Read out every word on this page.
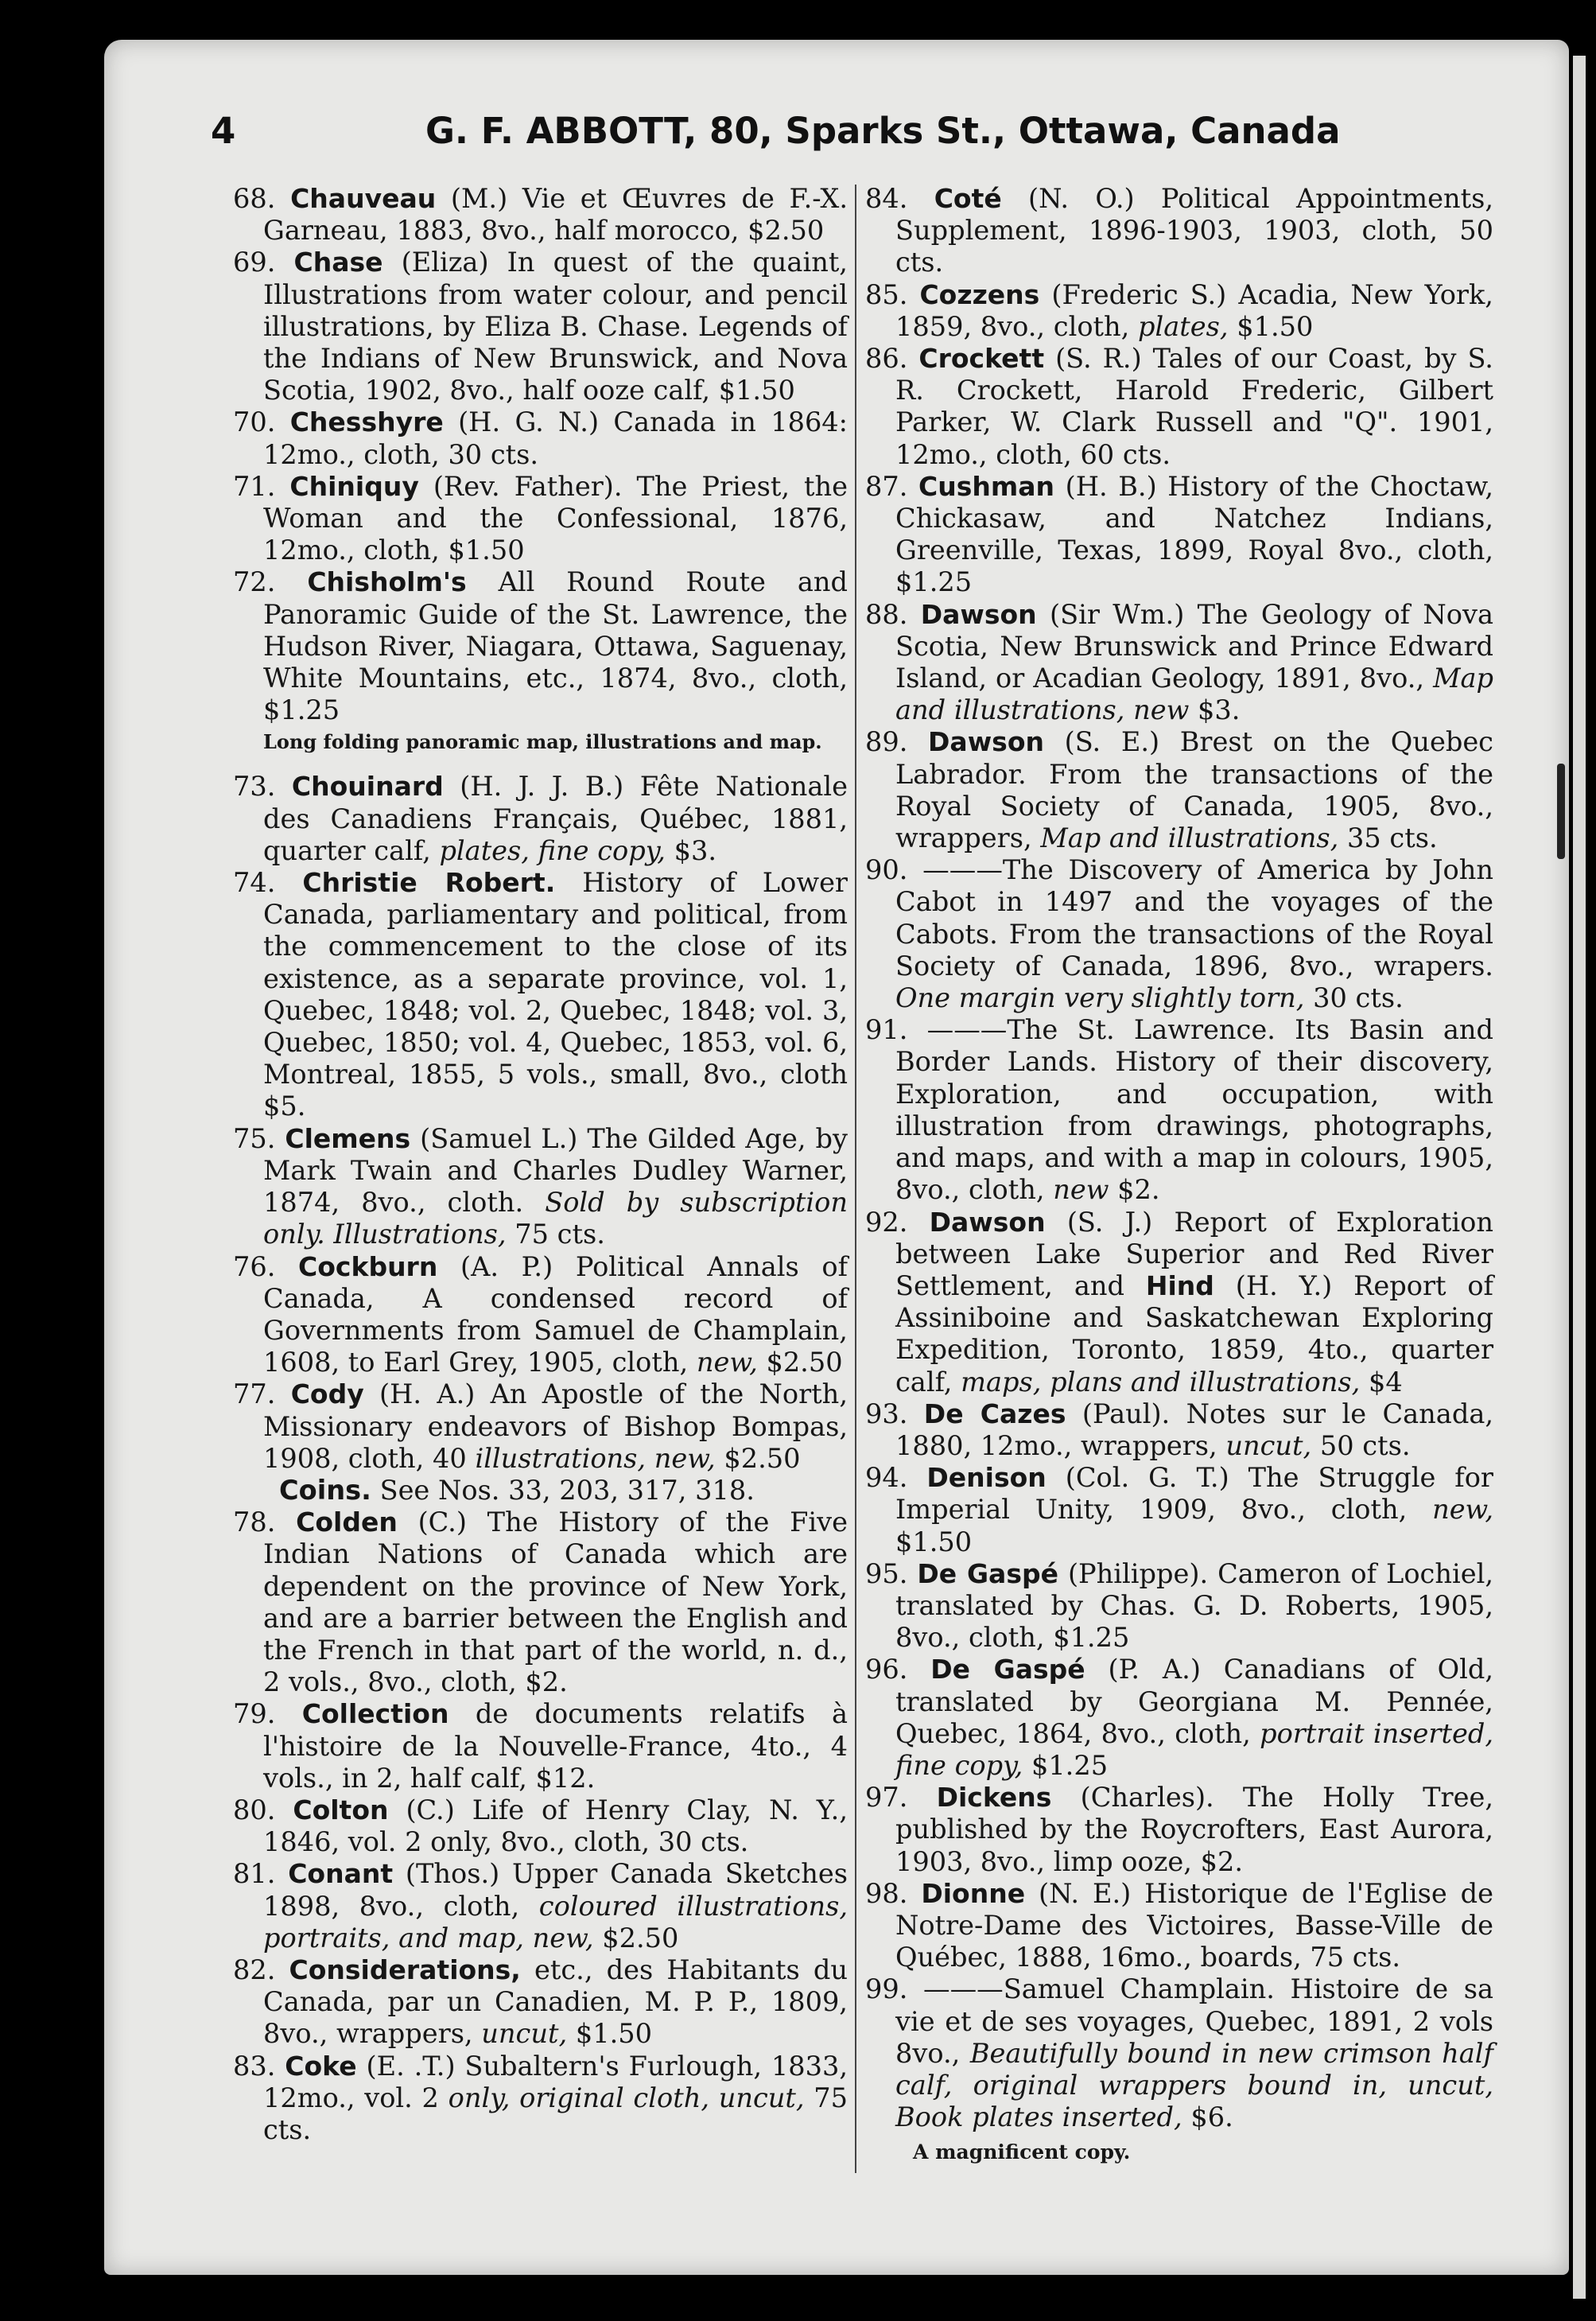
4	G. F. ABBOTT, 80, Sparks St., Ottawa, Canada

68. Chauveau (M.) Vie et Œuvres de F.-X. Garneau, 1883, 8vo., half morocco, $2.50

69. Chase (Eliza) In quest of the quaint, Illustrations from water colour, and pencil illustrations, by Eliza B. Chase. Legends of the Indians of New Brunswick, and Nova Scotia, 1902, 8vo., half ooze calf, $1.50

70. Chesshyre (H. G. N.) Canada in 1864: 12mo., cloth, 30 cts.

71. Chiniquy (Rev. Father). The Priest, the Woman and the Confessional, 1876, 12mo., cloth, $1.50

72. Chisholm's All Round Route and Panoramic Guide of the St. Lawrence, the Hudson River, Niagara, Ottawa, Saguenay, White Mountains, etc., 1874, 8vo., cloth, $1.25

Long folding panoramic map, illustrations and map.

73. Chouinard (H. J. J. B.) Fête Nationale des Canadiens Français, Québec, 1881, quarter calf, plates, fine copy, $3.

74. Christie Robert. History of Lower Canada, parliamentary and political, from the commencement to the close of its existence, as a separate province, vol. 1, Quebec, 1848; vol. 2, Quebec, 1848; vol. 3, Quebec, 1850; vol. 4, Quebec, 1853, vol. 6, Montreal, 1855, 5 vols., small, 8vo., cloth $5.

75. Clemens (Samuel L.) The Gilded Age, by Mark Twain and Charles Dudley Warner, 1874, 8vo., cloth. Sold by subscription only. Illustrations, 75 cts.

76. Cockburn (A. P.) Political Annals of Canada, A condensed record of Governments from Samuel de Champlain, 1608, to Earl Grey, 1905, cloth, new, $2.50

77. Cody (H. A.) An Apostle of the North, Missionary endeavors of Bishop Bompas, 1908, cloth, 40 illustrations, new, $2.50

Coins. See Nos. 33, 203, 317, 318.

78. Colden (C.) The History of the Five Indian Nations of Canada which are dependent on the province of New York, and are a barrier between the English and the French in that part of the world, n. d., 2 vols., 8vo., cloth, $2.

79. Collection de documents relatifs à l'histoire de la Nouvelle-France, 4to., 4 vols., in 2, half calf, $12.

80. Colton (C.) Life of Henry Clay, N. Y., 1846, vol. 2 only, 8vo., cloth, 30 cts.

81. Conant (Thos.) Upper Canada Sketches 1898, 8vo., cloth, coloured illustrations, portraits, and map, new, $2.50

82. Considerations, etc., des Habitants du Canada, par un Canadien, M. P. P., 1809, 8vo., wrappers, uncut, $1.50

83. Coke (E. .T.) Subaltern's Furlough, 1833, 12mo., vol. 2 only, original cloth, uncut, 75 cts.

84. Coté (N. O.) Political Appointments, Supplement, 1896-1903, 1903, cloth, 50 cts.

85. Cozzens (Frederic S.) Acadia, New York, 1859, 8vo., cloth, plates, $1.50

86. Crockett (S. R.) Tales of our Coast, by S. R. Crockett, Harold Frederic, Gilbert Parker, W. Clark Russell and "Q". 1901, 12mo., cloth, 60 cts.

87. Cushman (H. B.) History of the Choctaw, Chickasaw, and Natchez Indians, Greenville, Texas, 1899, Royal 8vo., cloth, $1.25

88. Dawson (Sir Wm.) The Geology of Nova Scotia, New Brunswick and Prince Edward Island, or Acadian Geology, 1891, 8vo., Map and illustrations, new $3.

89. Dawson (S. E.) Brest on the Quebec Labrador. From the transactions of the Royal Society of Canada, 1905, 8vo., wrappers, Map and illustrations, 35 cts.

90. ———The Discovery of America by John Cabot in 1497 and the voyages of the Cabots. From the transactions of the Royal Society of Canada, 1896, 8vo., wrapers. One margin very slightly torn, 30 cts.

91. ———The St. Lawrence. Its Basin and Border Lands. History of their discovery, Exploration, and occupation, with illustration from drawings, photographs, and maps, and with a map in colours, 1905, 8vo., cloth, new $2.

92. Dawson (S. J.) Report of Exploration between Lake Superior and Red River Settlement, and Hind (H. Y.) Report of Assiniboine and Saskatchewan Exploring Expedition, Toronto, 1859, 4to., quarter calf, maps, plans and illustrations, $4

93. De Cazes (Paul). Notes sur le Canada, 1880, 12mo., wrappers, uncut, 50 cts.

94. Denison (Col. G. T.) The Struggle for Imperial Unity, 1909, 8vo., cloth, new, $1.50

95. De Gaspé (Philippe). Cameron of Lochiel, translated by Chas. G. D. Roberts, 1905, 8vo., cloth, $1.25

96. De Gaspé (P. A.) Canadians of Old, translated by Georgiana M. Pennée, Quebec, 1864, 8vo., cloth, portrait inserted, fine copy, $1.25

97. Dickens (Charles). The Holly Tree, published by the Roycrofters, East Aurora, 1903, 8vo., limp ooze, $2.

98. Dionne (N. E.) Historique de l'Eglise de Notre-Dame des Victoires, Basse-Ville de Québec, 1888, 16mo., boards, 75 cts.

99. ———Samuel Champlain. Histoire de sa vie et de ses voyages, Quebec, 1891, 2 vols 8vo., Beautifully bound in new crimson half calf, original wrappers bound in, uncut, Book plates inserted, $6.

A magnificent copy.
